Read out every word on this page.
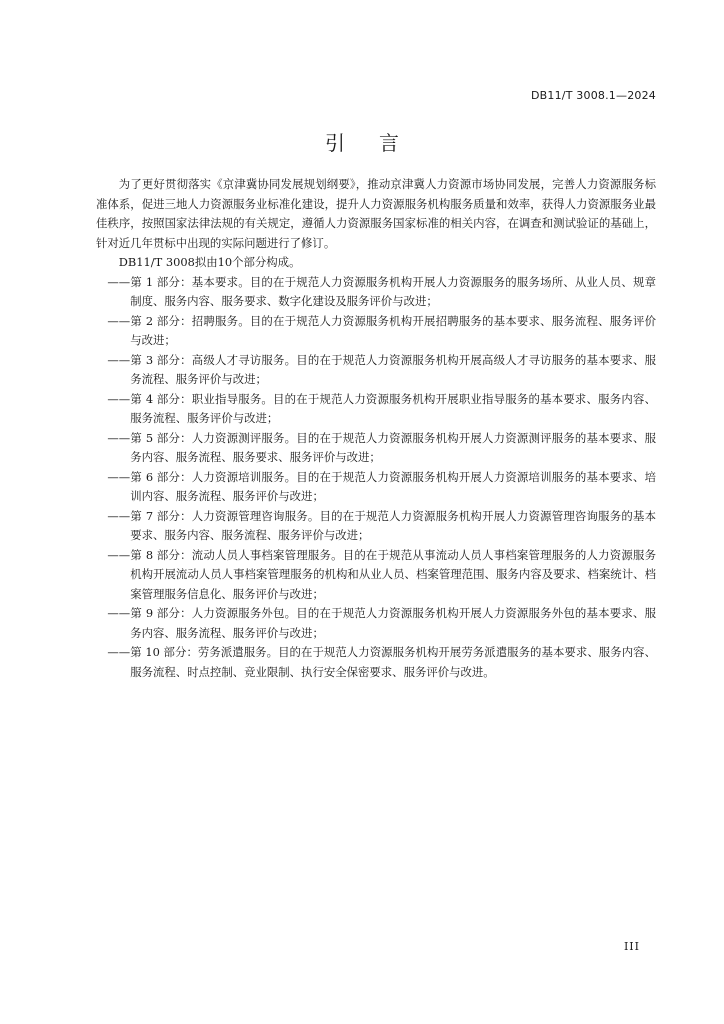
DB11/T 3008.1—2024
引言

为了更好贯彻落实《京津冀协同发展规划纲要》，推动京津冀人力资源市场协同发展，完善人力资源服务标准体系，促进三地人力资源服务业标准化建设，提升人力资源服务机构服务质量和效率，获得人力资源服务业最佳秩序，按照国家法律法规的有关规定，遵循人力资源服务国家标准的相关内容，在调查和测试验证的基础上，针对近几年贯标中出现的实际问题进行了修订。

DB11/T 3008拟由10个部分构成。

——第 1 部分：基本要求。目的在于规范人力资源服务机构开展人力资源服务的服务场所、从业人员、规章制度、服务内容、服务要求、数字化建设及服务评价与改进；

——第 2 部分：招聘服务。目的在于规范人力资源服务机构开展招聘服务的基本要求、服务流程、服务评价与改进；

——第 3 部分：高级人才寻访服务。目的在于规范人力资源服务机构开展高级人才寻访服务的基本要求、服务流程、服务评价与改进；

——第 4 部分：职业指导服务。目的在于规范人力资源服务机构开展职业指导服务的基本要求、服务内容、服务流程、服务评价与改进；

——第 5 部分：人力资源测评服务。目的在于规范人力资源服务机构开展人力资源测评服务的基本要求、服务内容、服务流程、服务要求、服务评价与改进；

——第 6 部分：人力资源培训服务。目的在于规范人力资源服务机构开展人力资源培训服务的基本要求、培训内容、服务流程、服务评价与改进；

——第 7 部分：人力资源管理咨询服务。目的在于规范人力资源服务机构开展人力资源管理咨询服务的基本要求、服务内容、服务流程、服务评价与改进；

——第 8 部分：流动人员人事档案管理服务。目的在于规范从事流动人员人事档案管理服务的人力资源服务机构开展流动人员人事档案管理服务的机构和从业人员、档案管理范围、服务内容及要求、档案统计、档案管理服务信息化、服务评价与改进；

——第 9 部分：人力资源服务外包。目的在于规范人力资源服务机构开展人力资源服务外包的基本要求、服务内容、服务流程、服务评价与改进；

——第 10 部分：劳务派遣服务。目的在于规范人力资源服务机构开展劳务派遣服务的基本要求、服务内容、服务流程、时点控制、竞业限制、执行安全保密要求、服务评价与改进。

III
